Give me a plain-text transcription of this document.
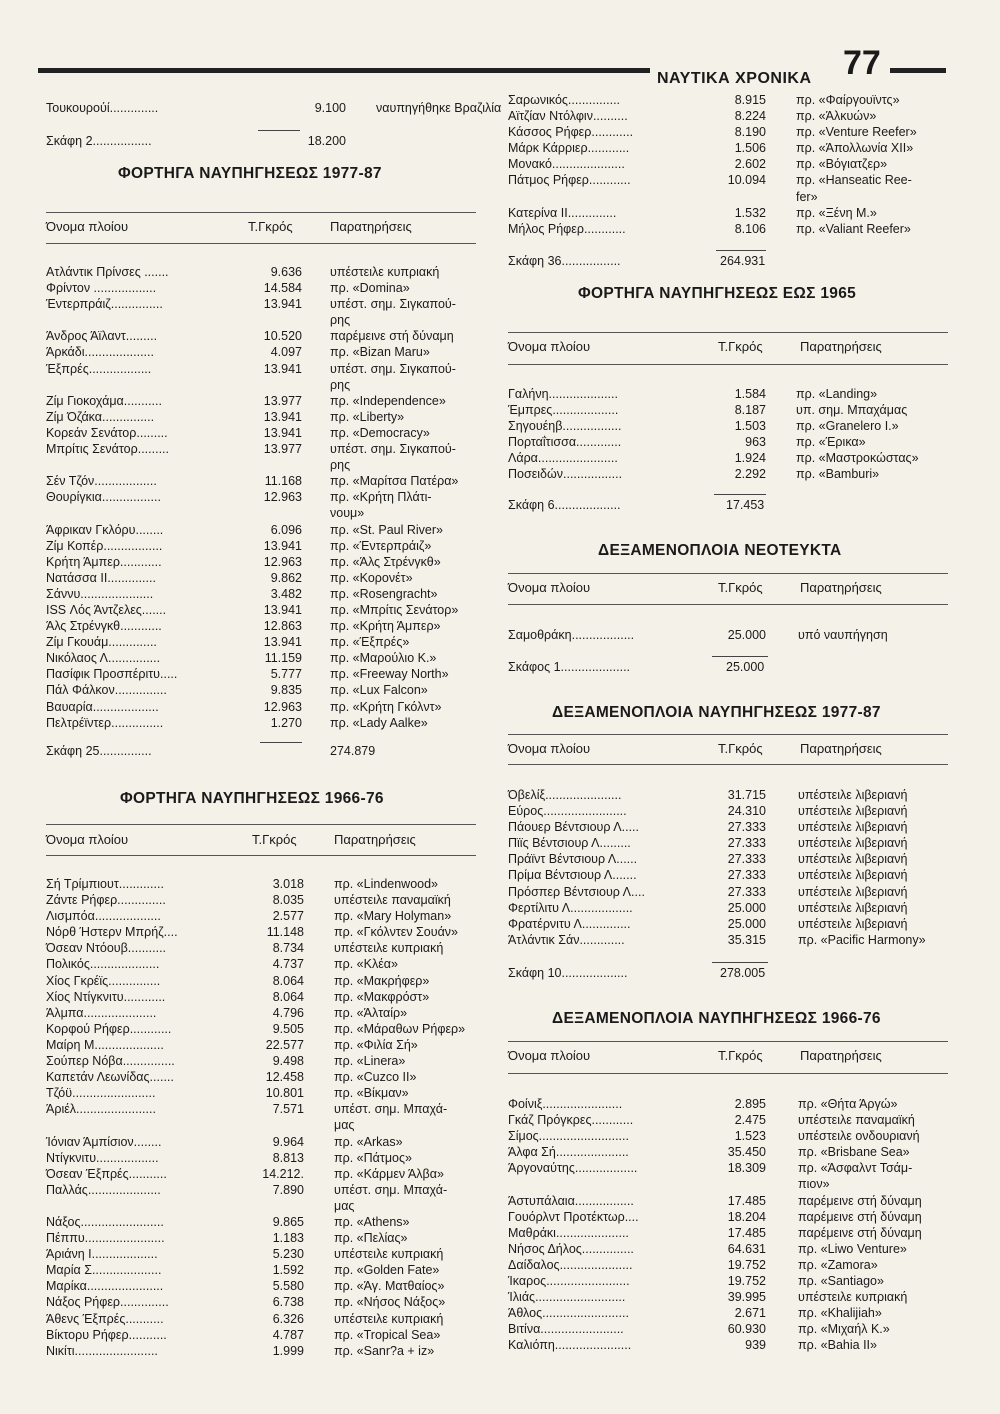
ΝΑΥΤΙΚΑ ΧΡΟΝΙΚΑ 77
Τουκουρούί..............	9.100 ναυπηγήθηκε Βραζιλία
Σκάφη 2.................	18.200
ΦΟΡΤΗΓΑ ΝΑΥΠΗΓΗΣΕΩΣ 1977-87
Όνομα πλοίου	Τ.Γκρός	Παρατηρήσεις
Ατλάντικ Πρίνσες .......	9.636 υπέστειλε κυπριακή
Φρίντον ..................	14.584 πρ. «Domina»
Έντερπράιζ...............	13.941 υπέστ. σημ. Σιγκαπού-
ρης
Άνδρος Άϊλαντ.........	10.520 παρέμεινε στή δύναμη
Άρκάδι....................	4.097 πρ. «Bizan Maru»
Έξπρές..................	13.941 υπέστ. σημ. Σιγκαπού-
ρης
Ζίμ Γιοκοχάμα...........	13.977 πρ. «Independence»
Ζίμ Όζάκα...............	13.941 πρ. «Liberty»
Κορεάν Σενάτορ.........	13.941 πρ. «Democracy»
Μπρίτις Σενάτορ.........	13.977 υπέστ. σημ. Σιγκαπού-
ρης
Σέν Τζόν..................	11.168 πρ. «Μαρίτσα Πατέρα»
Θουρίγκια.................	12.963 πρ. «Κρήτη Πλάτι-
νουμ»
Άφρικαν Γκλόρυ........	6.096 πρ. «St. Paul River»
Ζίμ Κοπέρ.................	13.941 πρ. «Έντερπράιζ»
Κρήτη Άμπερ............	12.963 πρ. «Άλς Στρένγκθ»
Νατάσσα ΙΙ..............	9.862 πρ. «Κορονέτ»
Σάννυ.....................	3.482 πρ. «Rosengracht»
ISS Λός Άντζελες.......	13.941 πρ. «Μπρίτις Σενάτορ»
Άλς Στρένγκθ............	12.863 πρ. «Κρήτη Άμπερ»
Ζίμ Γκουάμ..............	13.941 πρ. «Έξπρές»
Νικόλαος Λ...............	11.159 πρ. «Μαρούλιο Κ.»
Πασίφικ Προσπέριτυ.....	5.777 πρ. «Freeway North»
Πάλ Φάλκον...............	9.835 πρ. «Lux Falcon»
Βαυαρία...................	12.963 πρ. «Κρήτη Γκόλντ»
Πελτρέϊντερ...............	1.270 πρ. «Lady Aalke»
Σκάφη 25...............	274.879
ΦΟΡΤΗΓΑ ΝΑΥΠΗΓΗΣΕΩΣ 1966-76
Όνομα πλοίου	Τ.Γκρός	Παρατηρήσεις
Σή Τρίμπιουτ.............	3.018 πρ. «Lindenwood»
Ζάντε Ρήφερ..............	8.035 υπέστειλε παναμαϊκή
Λισμπόα...................	2.577 πρ. «Mary Holyman»
Νόρθ Ήστερν Μπρήζ....	11.148 πρ. «Γκόλντεν Σουάν»
Όσεαν Ντόουβ...........	8.734 υπέστειλε κυπριακή
Πολικός....................	4.737 πρ. «Κλέα»
Χίος Γκρέϊς...............	8.064 πρ. «Μακρήφερ»
Χίος Ντίγκνιτυ............	8.064 πρ. «Μακφρόστ»
Άλμπα.....................	4.796 πρ. «Άλταίρ»
Κορφού Ρήφερ............	9.505 πρ. «Μάραθων Ρήφερ»
Μαίρη Μ....................	22.577 πρ. «Φιλία Σή»
Σούπερ Νόβα...............	9.498 πρ. «Linera»
Καπετάν Λεωνίδας.......	12.458 πρ. «Cuzco II»
Τζόϋ........................	10.801 πρ. «Βίκμαν»
Άριέλ.......................	7.571 υπέστ. σημ. Μπαχά-
μας
Ίόνιαν Άμπίσιον........	9.964 πρ. «Arkas»
Ντίγκνιτυ..................	8.813 πρ. «Πάτμος»
Όσεαν Έξπρές...........	14.212. πρ. «Κάρμεν Άλβα»
Παλλάς.....................	7.890 υπέστ. σημ. Μπαχά-
μας
Νάξος........................	9.865 πρ. «Athens»
Πέππυ.......................	1.183 πρ. «Πελίας»
Άριάνη Ι...................	5.230 υπέστειλε κυπριακή
Μαρία Σ....................	1.592 πρ. «Golden Fate»
Μαρίκα......................	5.580 πρ. «Άγ. Ματθαίος»
Νάξος Ρήφερ..............	6.738 πρ. «Νήσος Νάξος»
Άθενς Έξπρές...........	6.326 υπέστειλε κυπριακή
Βίκτορυ Ρήφερ...........	4.787 πρ. «Tropical Sea»
Νικίτι........................	1.999 πρ. «Sanr?a + iz»
Σαρωνικός...............	8.915 πρ. «Φαίργουϊντς»
Αϊτζίαν Ντόλφιν..........	8.224 πρ. «Άλκυών»
Κάσσος Ρήφερ............	8.190 πρ. «Venture Reefer»
Μάρκ Κάρριερ............	1.506 πρ. «Άπολλωνία ΧΙΙ»
Μονακό.....................	2.602 πρ. «Βόγιατζερ»
Πάτμος Ρήφερ............	10.094 πρ. «Hanseatic Ree-
fer»
Κατερίνα ΙΙ..............	1.532 πρ. «Ξένη Μ.»
Μήλος Ρήφερ............	8.106 πρ. «Valiant Reefer»
Σκάφη 36.................	264.931
ΦΟΡΤΗΓΑ ΝΑΥΠΗΓΗΣΕΩΣ ΕΩΣ 1965
Όνομα πλοίου	Τ.Γκρός	Παρατηρήσεις
Γαλήνη....................	1.584 πρ. «Landing»
Έμπρες...................	8.187 υπ. σημ. Μπαχάμας
Σηγουέηβ.................	1.503 πρ. «Granelero I.»
Πορταΐτισσα.............	963 πρ. «Έρικα»
Λάρα.......................	1.924 πρ. «Μαστροκώστας»
Ποσειδών.................	2.292 πρ. «Bamburi»
Σκάφη 6...................	17.453
ΔΕΞΑΜΕΝΟΠΛΟΙΑ ΝΕΟΤΕΥΚΤΑ
Όνομα πλοίου	Τ.Γκρός	Παρατηρήσεις
Σαμοθράκη..................	25.000	υπό ναυπήγηση
Σκάφος 1....................	25.000
ΔΕΞΑΜΕΝΟΠΛΟΙΑ ΝΑΥΠΗΓΗΣΕΩΣ 1977-87
Όνομα πλοίου	Τ.Γκρός	Παρατηρήσεις
Όβελίξ......................	31.715	υπέστειλε λιβεριανή
Εύρος........................	24.310	υπέστειλε λιβεριανή
Πάουερ Βέντσιουρ Λ.....	27.333	υπέστειλε λιβεριανή
Πϊϊς Βέντσιουρ Λ.........	27.333	υπέστειλε λιβεριανή
Πράϊντ Βέντσιουρ Λ......	27.333	υπέστειλε λιβεριανή
Πρίμα Βέντσιουρ Λ.......	27.333	υπέστειλε λιβεριανή
Πρόσπερ Βέντσιουρ Λ....	27.333	υπέστειλε λιβεριανή
Φερτίλιτυ Λ..................	25.000	υπέστειλε λιβεριανή
Φρατέρνιτυ Λ..............	25.000	υπέστειλε λιβεριανή
Άτλάντικ Σάν.............	35.315	πρ. «Pacific Harmony»
Σκάφη 10...................	278.005
ΔΕΞΑΜΕΝΟΠΛΟΙΑ ΝΑΥΠΗΓΗΣΕΩΣ 1966-76
Όνομα πλοίου	Τ.Γκρός	Παρατηρήσεις
Φοίνιξ.......................	2.895	πρ. «Θήτα Άργώ»
Γκάζ Πρόγκρες............	2.475	υπέστειλε παναμαϊκή
Σίμος..........................	1.523	υπέστειλε ονδουριανή
Άλφα Σή.....................	35.450	πρ. «Brisbane Sea»
Άργοναύτης..................	18.309	πρ. «Άσφαλντ Τσάμ-
πιον»
Άστυπάλαια.................	17.485	παρέμεινε στή δύναμη
Γουόρλντ Προτέκτωρ....	18.204	παρέμεινε στή δύναμη
Μαθράκι.....................	17.485	παρέμεινε στή δύναμη
Νήσος Δήλος...............	64.631	πρ. «Liwo Venture»
Δαίδαλος.....................	19.752	πρ. «Zamora»
Ίκαρος........................	19.752	πρ. «Santiago»
Ίλιάς..........................	39.995	υπέστειλε κυπριακή
Άθλος.........................	2.671	πρ. «Khalijiah»
Βιτίνα........................	60.930	πρ. «Μιχαήλ Κ.»
Καλιόπη......................	939	πρ. «Bahia II»
